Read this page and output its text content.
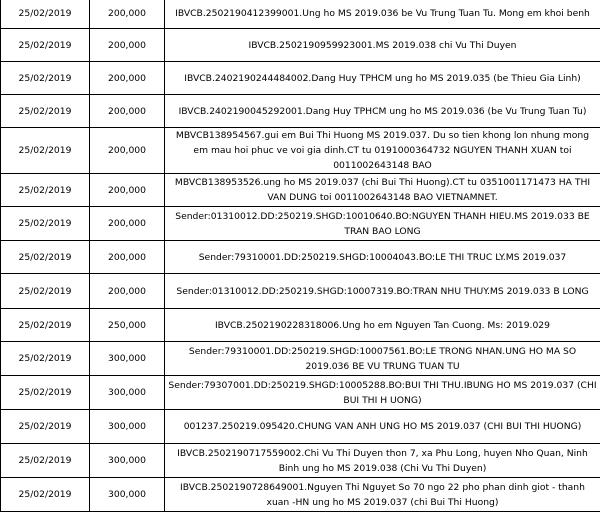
25/02/2019	200,000	IBVCB.2502190412399001.Ung ho MS 2019.036 be Vu Trung Tuan Tu. Mong em khoi benh
25/02/2019	200,000	IBVCB.2502190959923001.MS 2019.038 chi Vu Thi Duyen
25/02/2019	200,000	IBVCB.2402190244484002.Dang Huy TPHCM ung ho MS 2019.035 (be Thieu Gia Linh)
25/02/2019	200,000	IBVCB.2402190045292001.Dang Huy TPHCM ung ho MS 2019.036 (be Vu Trung Tuan Tu)
25/02/2019	200,000	MBVCB138954567.gui em Bui Thi Huong MS 2019.037. Du so tien khong lon nhung mong em mau hoi phuc ve voi gia dinh.CT tu 0191000364732 NGUYEN THANH XUAN toi 0011002643148 BAO
25/02/2019	200,000	MBVCB138953526.ung ho MS 2019.037 (chi Bui Thi Huong).CT tu 0351001171473 HA THI VAN DUNG toi 0011002643148 BAO VIETNAMNET.
25/02/2019	200,000	Sender:01310012.DD:250219.SHGD:10010640.BO:NGUYEN THANH HIEU.MS 2019.033 BE TRAN BAO LONG
25/02/2019	200,000	Sender:79310001.DD:250219.SHGD:10004043.BO:LE THI TRUC LY.MS 2019.037
25/02/2019	200,000	Sender:01310012.DD:250219.SHGD:10007319.BO:TRAN NHU THUY.MS 2019.033 B LONG
25/02/2019	250,000	IBVCB.2502190228318006.Ung ho em Nguyen Tan Cuong. Ms: 2019.029
25/02/2019	300,000	Sender:79310001.DD:250219.SHGD:10007561.BO:LE TRONG NHAN.UNG HO MA SO 2019.036 BE VU TRUNG TUAN TU
25/02/2019	300,000	Sender:79307001.DD:250219.SHGD:10005288.BO:BUI THI THU.IBUNG HO MS 2019.037 (CHI BUI THI H UONG)
25/02/2019	300,000	001237.250219.095420.CHUNG VAN ANH UNG HO MS 2019.037 (CHI BUI THI HUONG)
25/02/2019	300,000	IBVCB.2502190717559002.Chi Vu Thi Duyen thon 7, xa Phu Long, huyen Nho Quan, Ninh Binh ung ho MS 2019.038 (Chi Vu Thi Duyen)
25/02/2019	300,000	IBVCB.2502190728649001.Nguyen Thi Nguyet So 70 ngo 22 pho phan dinh giot - thanh xuan -HN ung ho MS 2019.037 (chi Bui Thi Huong)
